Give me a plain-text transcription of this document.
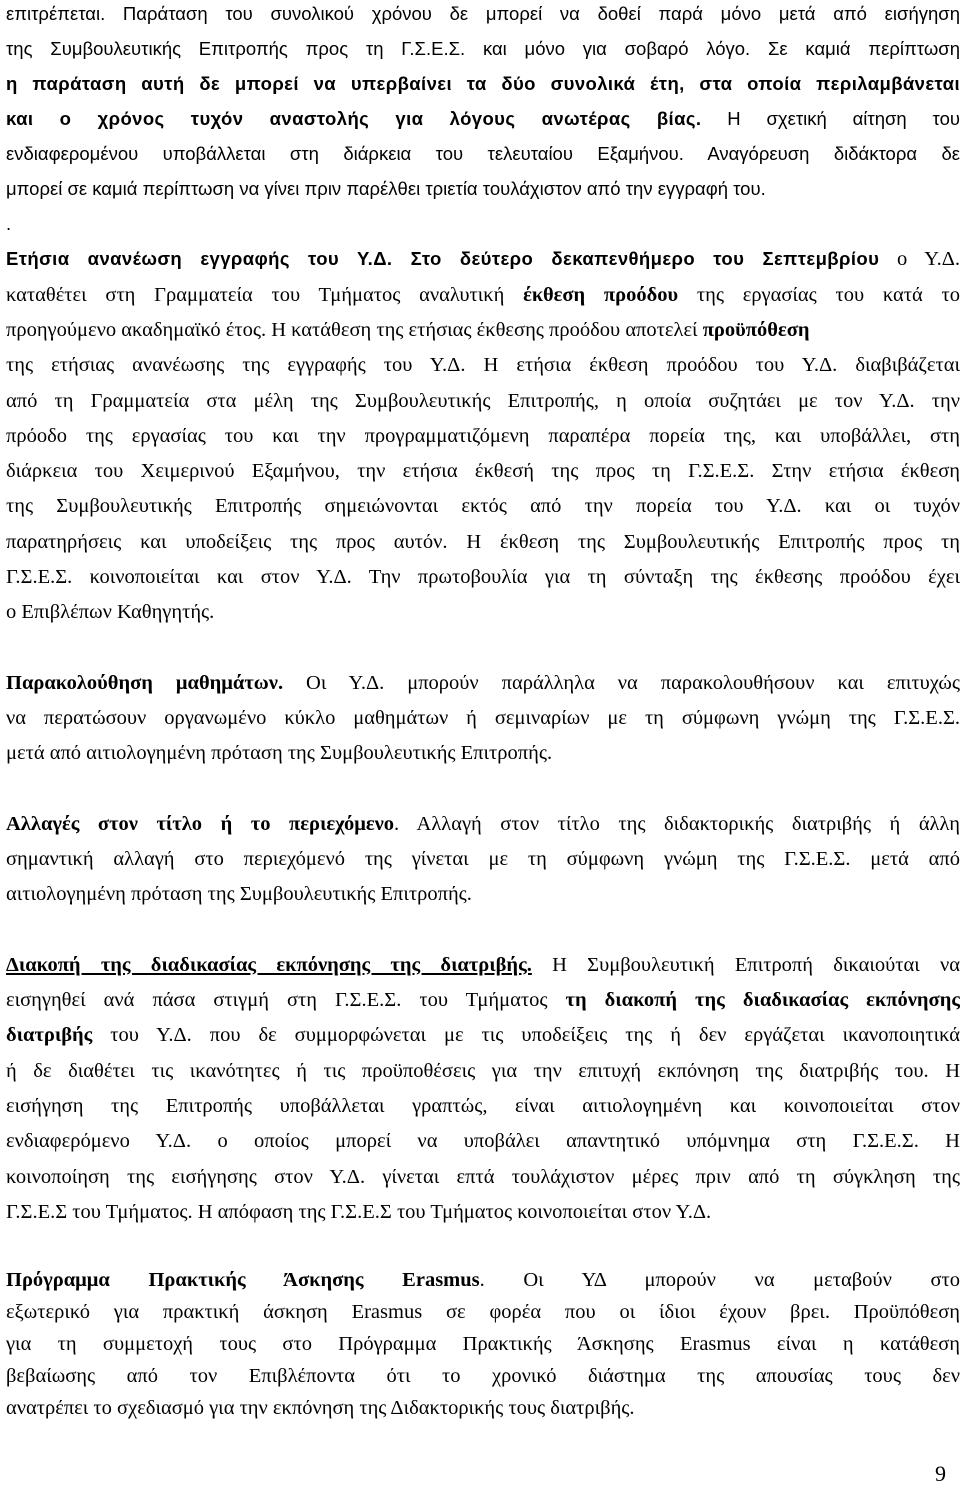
επιτρέπεται. Παράταση του συνολικού χρόνου δε μπορεί να δοθεί παρά μόνο μετά από εισήγηση
της Συμβουλευτικής Επιτροπής προς τη Γ.Σ.Ε.Σ. και μόνο για σοβαρό λόγο. Σε καμιά περίπτωση
η παράταση αυτή δε μπορεί να υπερβαίνει τα δύο συνολικά έτη, στα οποία περιλαμβάνεται
και ο χρόνος τυχόν αναστολής για λόγους ανωτέρας βίας. Η σχετική αίτηση του
ενδιαφερομένου υποβάλλεται στη διάρκεια του τελευταίου Εξαμήνου. Αναγόρευση διδάκτορα δε
μπορεί σε καμιά περίπτωση να γίνει πριν παρέλθει τριετία τουλάχιστον από την εγγραφή του.
.
Ετήσια ανανέωση εγγραφής του Υ.Δ. Στο δεύτερο δεκαπενθήμερο του Σεπτεμβρίου ο Υ.Δ.
καταθέτει στη Γραμματεία του Τμήματος αναλυτική έκθεση προόδου της εργασίας του κατά το
προηγούμενο ακαδημαϊκό έτος. Η κατάθεση της ετήσιας έκθεσης προόδου αποτελεί προϋπόθεση
της ετήσιας ανανέωσης της εγγραφής του Υ.Δ. Η ετήσια έκθεση προόδου του Υ.Δ. διαβιβάζεται
από τη Γραμματεία στα μέλη της Συμβουλευτικής Επιτροπής, η οποία συζητάει με τον Υ.Δ. την
πρόοδο της εργασίας του και την προγραμματιζόμενη παραπέρα πορεία της, και υποβάλλει, στη
διάρκεια του Χειμερινού Εξαμήνου, την ετήσια έκθεσή της προς τη Γ.Σ.Ε.Σ. Στην ετήσια έκθεση
της Συμβουλευτικής Επιτροπής σημειώνονται εκτός από την πορεία του Υ.Δ. και οι τυχόν
παρατηρήσεις και υποδείξεις της προς αυτόν. Η έκθεση της Συμβουλευτικής Επιτροπής προς τη
Γ.Σ.Ε.Σ. κοινοποιείται και στον Υ.Δ. Την πρωτοβουλία για τη σύνταξη της έκθεσης προόδου έχει
ο Επιβλέπων Καθηγητής.
Παρακολούθηση μαθημάτων. Οι Υ.Δ. μπορούν παράλληλα να παρακολουθήσουν και επιτυχώς
να περατώσουν οργανωμένο κύκλο μαθημάτων ή σεμιναρίων με τη σύμφωνη γνώμη της Γ.Σ.Ε.Σ.
μετά από αιτιολογημένη πρόταση της Συμβουλευτικής Επιτροπής.
Αλλαγές στον τίτλο ή το περιεχόμενο. Αλλαγή στον τίτλο της διδακτορικής διατριβής ή άλλη
σημαντική αλλαγή στο περιεχόμενό της γίνεται με τη σύμφωνη γνώμη της Γ.Σ.Ε.Σ. μετά από
αιτιολογημένη πρόταση της Συμβουλευτικής Επιτροπής.
Διακοπή της διαδικασίας εκπόνησης της διατριβής. Η Συμβουλευτική Επιτροπή δικαιούται να
εισηγηθεί ανά πάσα στιγμή στη Γ.Σ.Ε.Σ. του Τμήματος τη διακοπή της διαδικασίας εκπόνησης
διατριβής του Υ.Δ. που δε συμμορφώνεται με τις υποδείξεις της ή δεν εργάζεται ικανοποιητικά
ή δε διαθέτει τις ικανότητες ή τις προϋποθέσεις για την επιτυχή εκπόνηση της διατριβής του. Η
εισήγηση της Επιτροπής υποβάλλεται γραπτώς, είναι αιτιολογημένη και κοινοποιείται στον
ενδιαφερόμενο Υ.Δ. ο οποίος μπορεί να υποβάλει απαντητικό υπόμνημα στη Γ.Σ.Ε.Σ. Η
κοινοποίηση της εισήγησης στον Υ.Δ. γίνεται επτά τουλάχιστον μέρες πριν από τη σύγκληση της
Γ.Σ.Ε.Σ του Τμήματος. Η απόφαση της Γ.Σ.Ε.Σ του Τμήματος κοινοποιείται στον Υ.Δ.
Πρόγραμμα Πρακτικής Άσκησης Erasmus. Οι ΥΔ μπορούν να μεταβούν στο
εξωτερικό για πρακτική άσκηση Erasmus σε φορέα που οι ίδιοι έχουν βρει. Προϋπόθεση
για τη συμμετοχή τους στο Πρόγραμμα Πρακτικής Άσκησης Erasmus είναι η κατάθεση
βεβαίωσης από τον Επιβλέποντα ότι το χρονικό διάστημα της απουσίας τους δεν
ανατρέπει το σχεδιασμό για την εκπόνηση της Διδακτορικής τους διατριβής.
9
